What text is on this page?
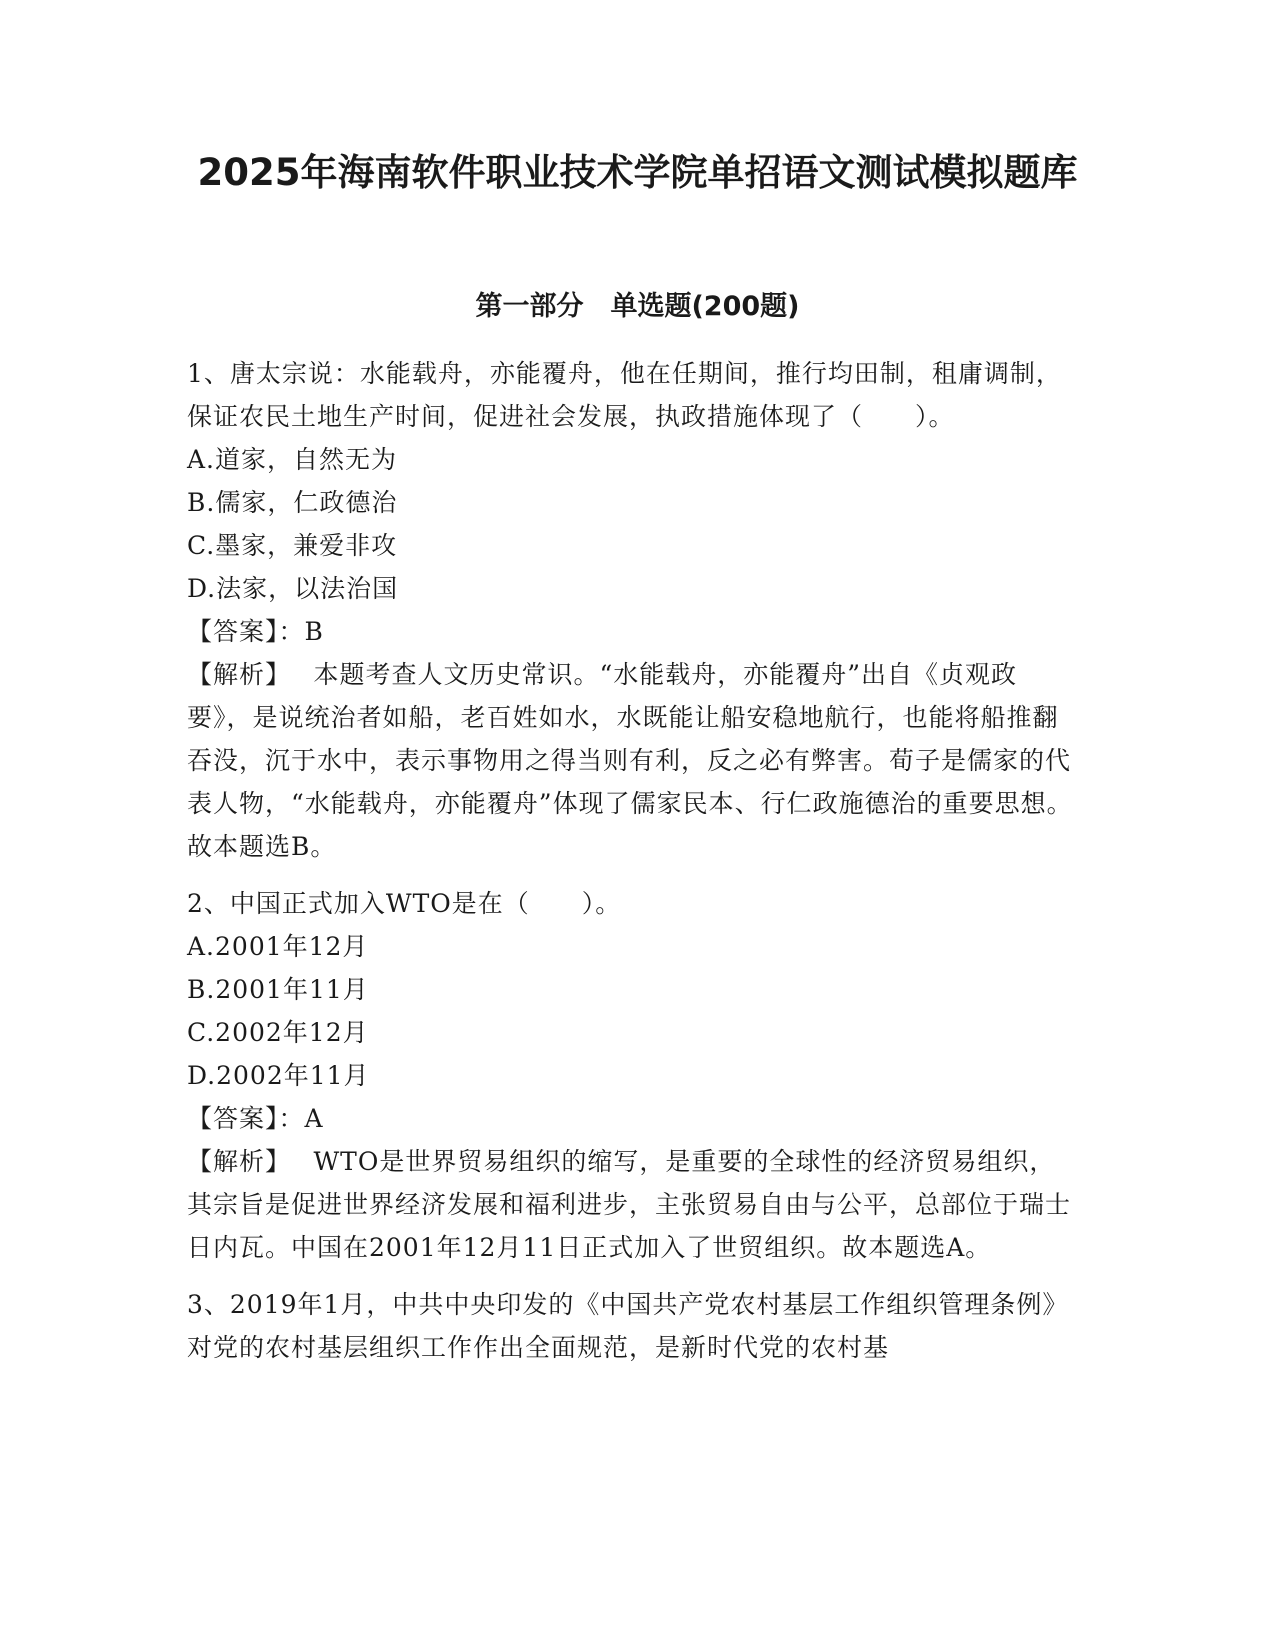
2025年海南软件职业技术学院单招语文测试模拟题库
第一部分　单选题(200题)

1、唐太宗说：水能载舟，亦能覆舟，他在任期间，推行均田制，租庸调制，保证农民土地生产时间，促进社会发展，执政措施体现了（　　）。

A.道家，自然无为

B.儒家，仁政德治

C.墨家，兼爱非攻

D.法家，以法治国

【答案】：B

【解析】　 本题考查人文历史常识。“水能载舟，亦能覆舟”出自《贞观政要》，是说统治者如船，老百姓如水，水既能让船安稳地航行，也能将船推翻吞没，沉于水中，表示事物用之得当则有利，反之必有弊害。荀子是儒家的代表人物，“水能载舟，亦能覆舟”体现了儒家民本、行仁政施德治的重要思想。故本题选B。

2、中国正式加入WTO是在（　　）。

A.2001年12月

B.2001年11月

C.2002年12月

D.2002年11月

【答案】：A

【解析】　 WTO是世界贸易组织的缩写，是重要的全球性的经济贸易组织，其宗旨是促进世界经济发展和福利进步，主张贸易自由与公平，总部位于瑞士日内瓦。中国在2001年12月11日正式加入了世贸组织。故本题选A。

3、2019年1月，中共中央印发的《中国共产党农村基层工作组织管理条例》对党的农村基层组织工作作出全面规范，是新时代党的农村基
